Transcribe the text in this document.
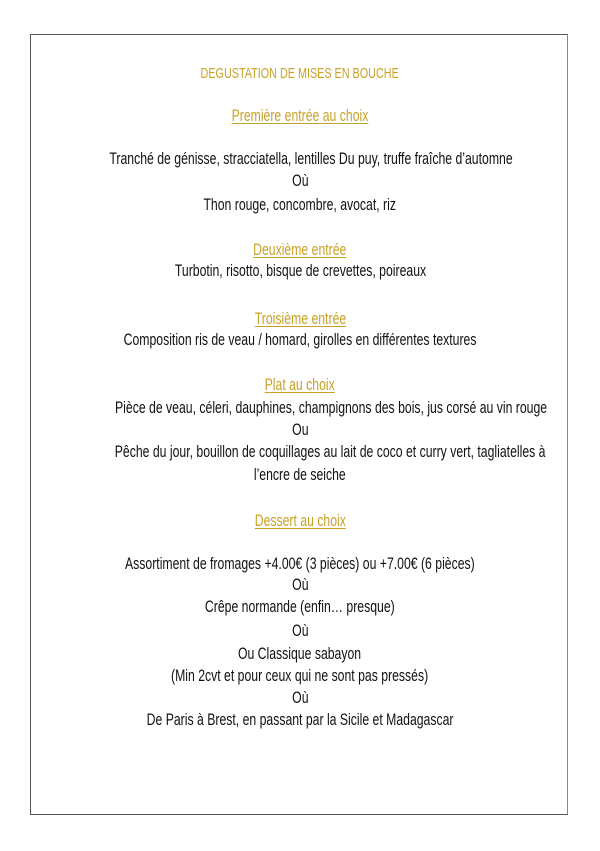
DEGUSTATION DE MISES EN BOUCHE
Première entrée au choix
Tranché de génisse, stracciatella, lentilles Du puy, truffe fraîche d’automne
Où
Thon rouge, concombre, avocat, riz
Deuxième entrée
Turbotin, risotto, bisque de crevettes, poireaux
Troisième entrée
Composition ris de veau / homard, girolles en différentes textures
Plat au choix
Pièce de veau, céleri, dauphines, champignons des bois, jus corsé au vin rouge
Ou
Pêche du jour, bouillon de coquillages au lait de coco et curry vert, tagliatelles à
l’encre de seiche
Dessert au choix
Assortiment de fromages +4.00€ (3 pièces) ou +7.00€ (6 pièces)
Où
Crêpe normande (enfin… presque)
Où
Ou Classique sabayon
(Min 2cvt et pour ceux qui ne sont pas pressés)
Où
De Paris à Brest, en passant par la Sicile et Madagascar
